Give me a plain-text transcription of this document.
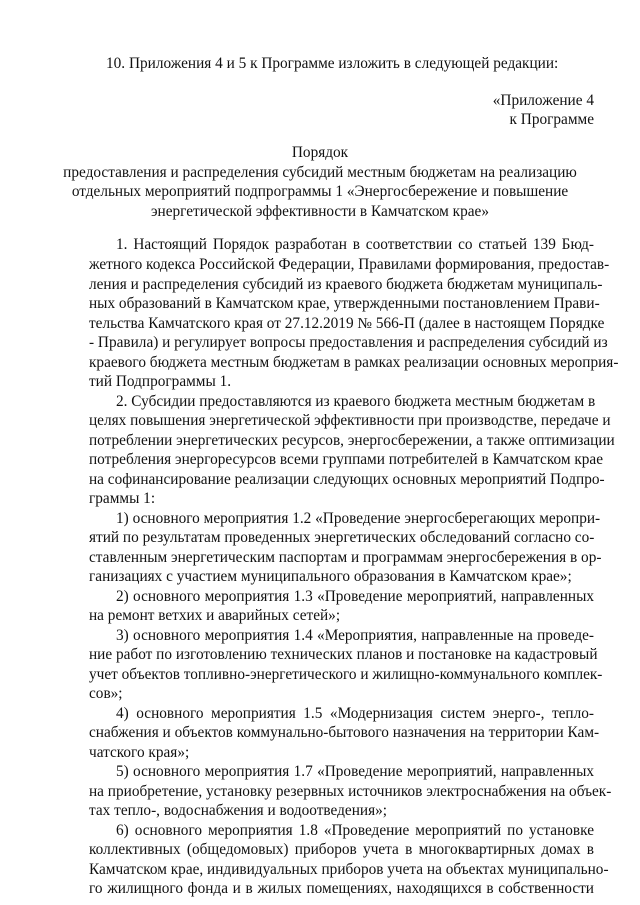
10. Приложения 4 и 5 к Программе изложить в следующей редакции:
«Приложение 4
к Программе
Порядок
предоставления и распределения субсидий местным бюджетам на реализацию
отдельных мероприятий подпрограммы 1 «Энергосбережение и повышение
энергетической эффективности в Камчатском крае»
1. Настоящий Порядок разработан в соответствии со статьей 139 Бюд-
жетного кодекса Российской Федерации, Правилами формирования, предостав-
ления и распределения субсидий из краевого бюджета бюджетам муниципаль-
ных образований в Камчатском крае, утвержденными постановлением Прави-
тельства Камчатского края от 27.12.2019 № 566-П (далее в настоящем Порядке
- Правила) и регулирует вопросы предоставления и распределения субсидий из
краевого бюджета местным бюджетам в рамках реализации основных мероприя-
тий Подпрограммы 1.
2. Субсидии предоставляются из краевого бюджета местным бюджетам в
целях повышения энергетической эффективности при производстве, передаче и
потреблении энергетических ресурсов, энергосбережении, а также оптимизации
потребления энергоресурсов всеми группами потребителей в Камчатском крае
на софинансирование реализации следующих основных мероприятий Подпро-
граммы 1:
1) основного мероприятия 1.2 «Проведение энергосберегающих меропри-
ятий по результатам проведенных энергетических обследований согласно со-
ставленным энергетическим паспортам и программам энергосбережения в ор-
ганизациях с участием муниципального образования в Камчатском крае»;
2) основного мероприятия 1.3 «Проведение мероприятий, направленных
на ремонт ветхих и аварийных сетей»;
3) основного мероприятия 1.4 «Мероприятия, направленные на проведе-
ние работ по изготовлению технических планов и постановке на кадастровый
учет объектов топливно-энергетического и жилищно-коммунального комплек-
сов»;
4) основного мероприятия 1.5 «Модернизация систем энерго-, тепло-
снабжения и объектов коммунально-бытового назначения на территории Кам-
чатского края»;
5) основного мероприятия 1.7 «Проведение мероприятий, направленных
на приобретение, установку резервных источников электроснабжения на объек-
тах тепло-, водоснабжения и водоотведения»;
6) основного мероприятия 1.8 «Проведение мероприятий по установке
коллективных (общедомовых) приборов учета в многоквартирных домах в
Камчатском крае, индивидуальных приборов учета на объектах муниципально-
го жилищного фонда и в жилых помещениях, находящихся в собственности
